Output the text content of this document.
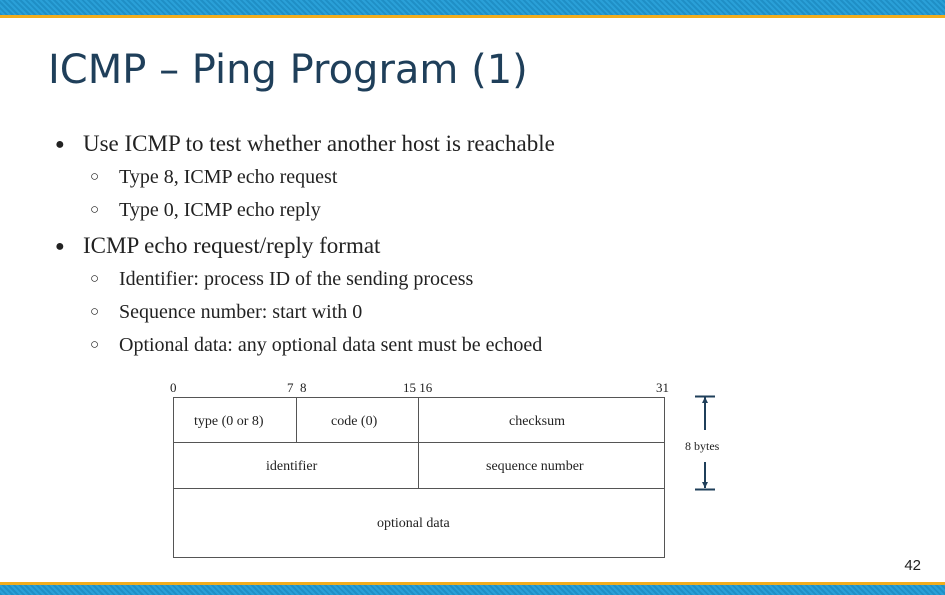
ICMP – Ping Program (1)
● Use ICMP to test whether another host is reachable
○ Type 8, ICMP echo request
○ Type 0, ICMP echo reply
● ICMP echo request/reply format
○ Identifier: process ID of the sending process
○ Sequence number: start with 0
○ Optional data: any optional data sent must be echoed
0	7  8	15 16	31
type (0 or 8)	code (0)	checksum
identifier	sequence number
optional data
8 bytes
42
